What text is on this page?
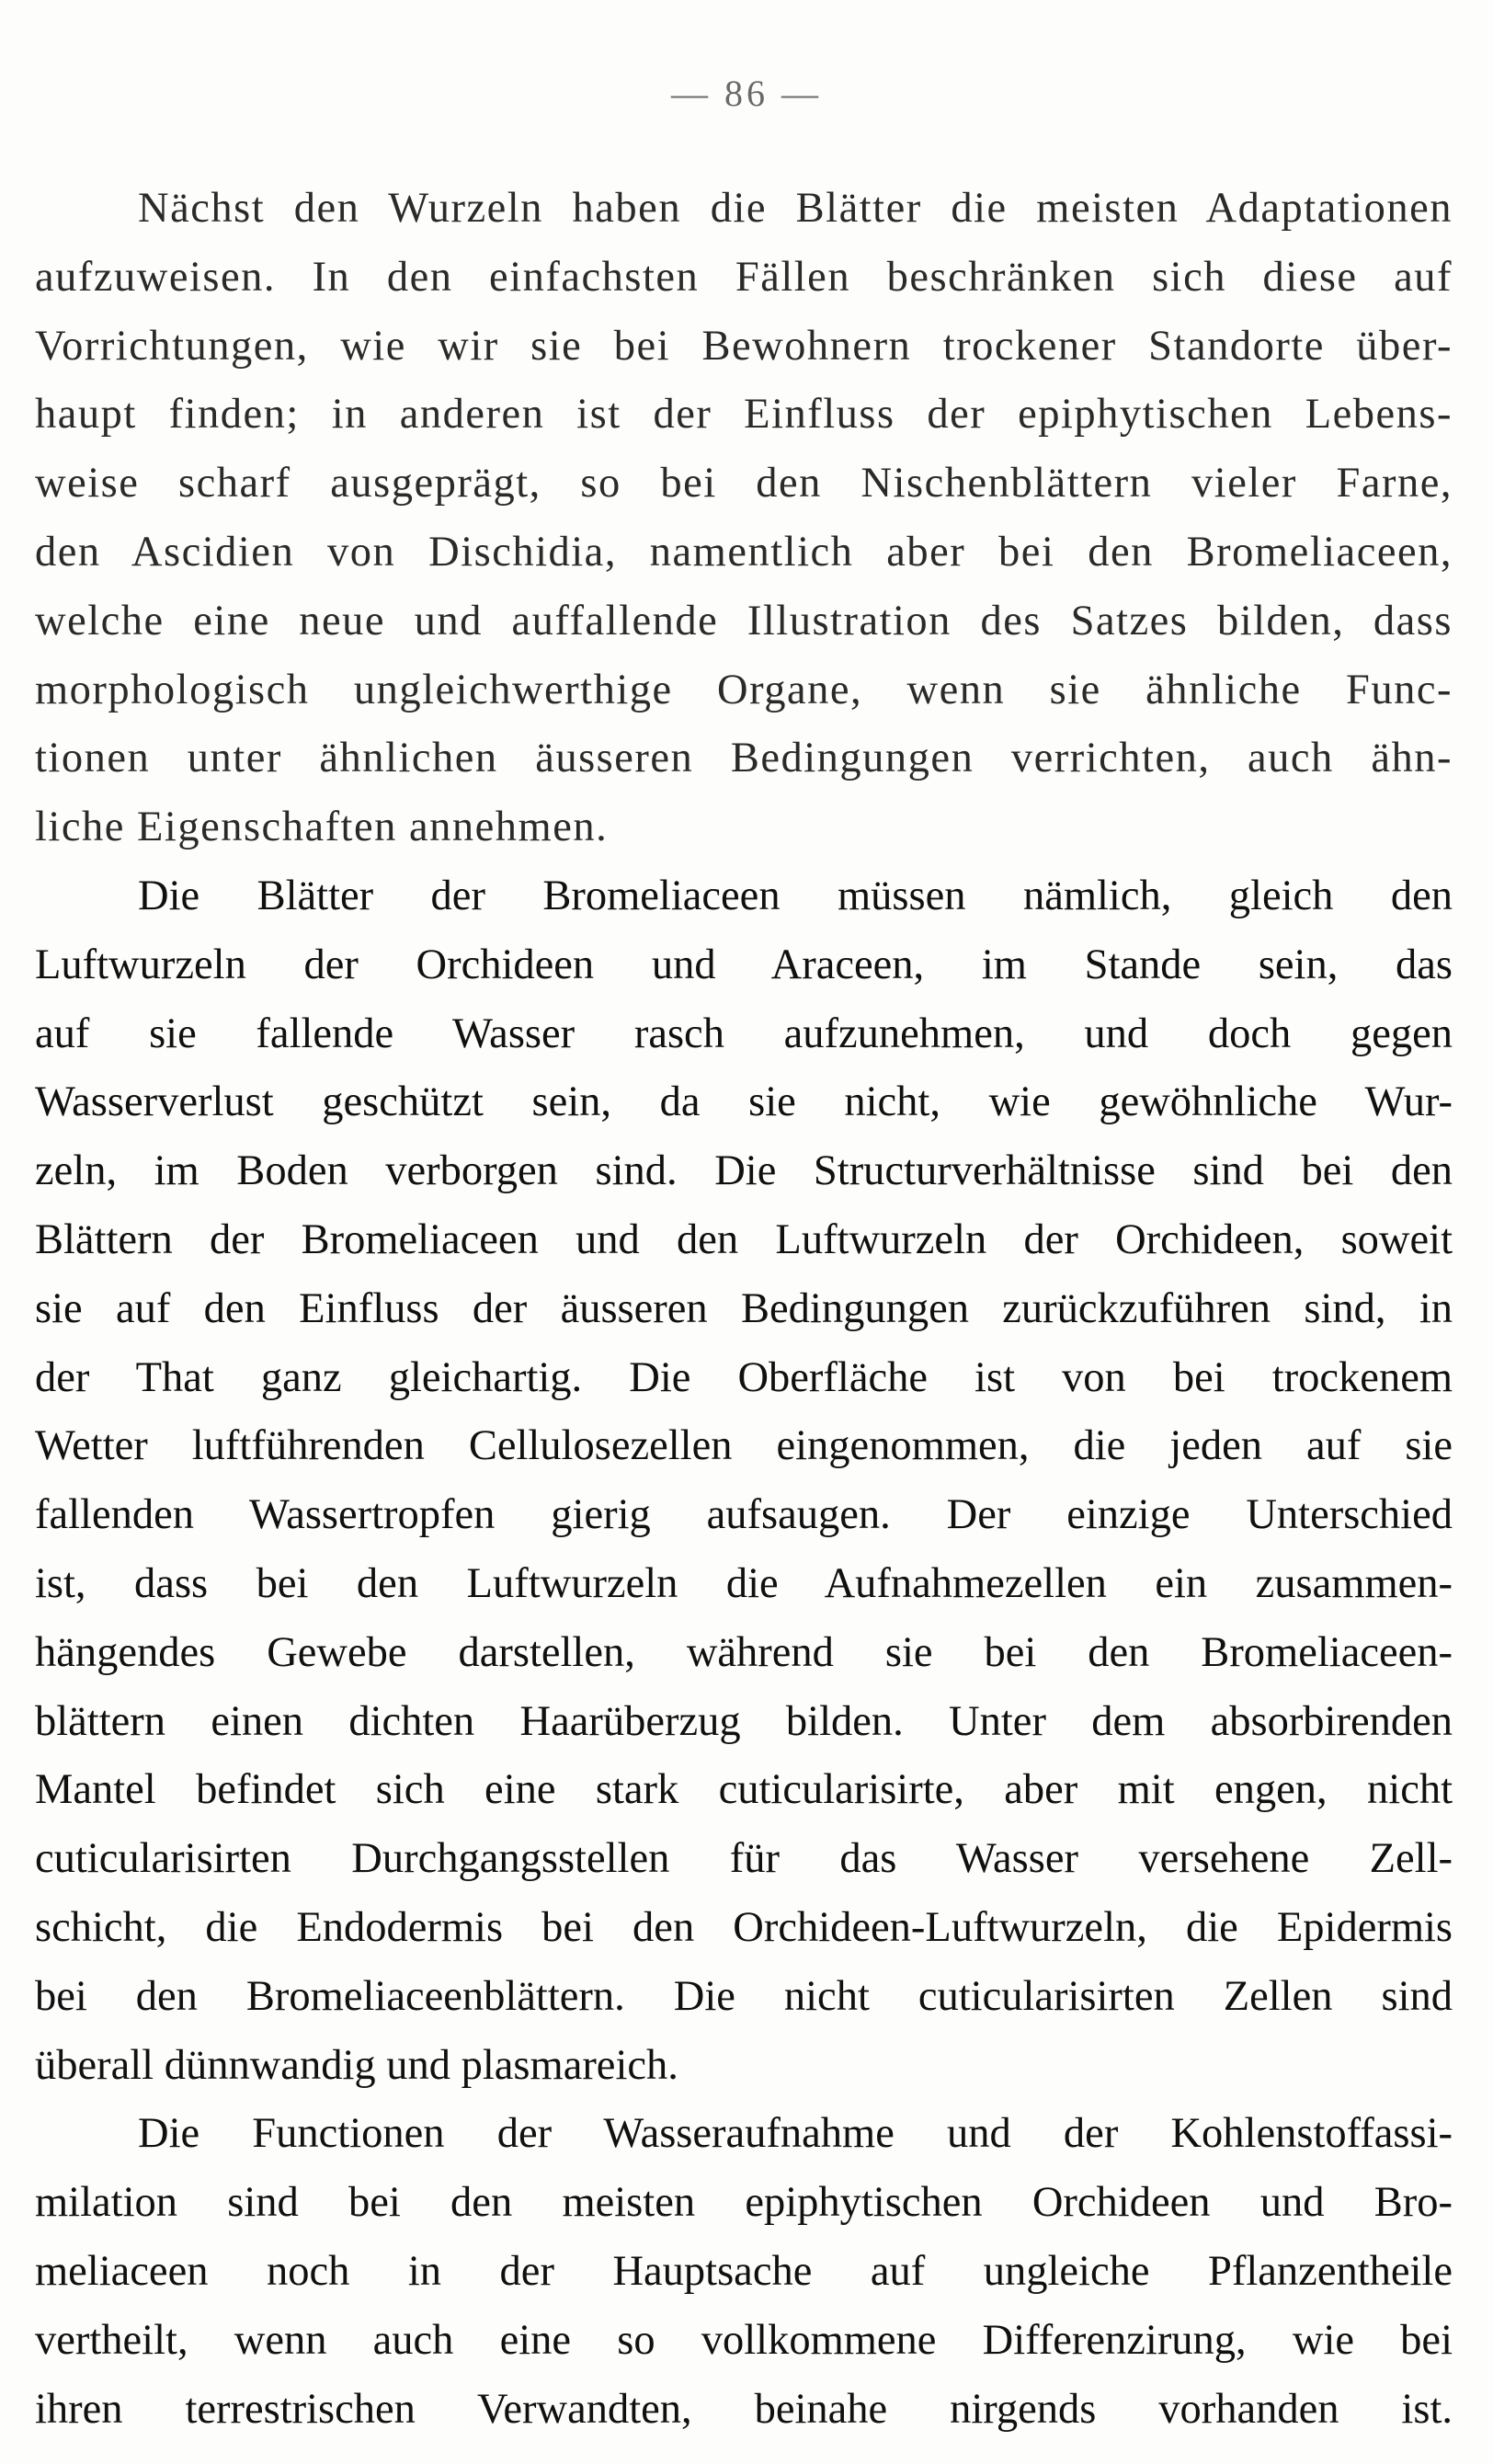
— 86 —
Nächst den Wurzeln haben die Blätter die meisten Adaptationen
aufzuweisen. In den einfachsten Fällen beschränken sich diese auf
Vorrichtungen, wie wir sie bei Bewohnern trockener Standorte über-
haupt finden; in anderen ist der Einfluss der epiphytischen Lebens-
weise scharf ausgeprägt, so bei den Nischenblättern vieler Farne,
den Ascidien von Dischidia, namentlich aber bei den Bromeliaceen,
welche eine neue und auffallende Illustration des Satzes bilden, dass
morphologisch ungleichwerthige Organe, wenn sie ähnliche Func-
tionen unter ähnlichen äusseren Bedingungen verrichten, auch ähn-
liche Eigenschaften annehmen.
Die Blätter der Bromeliaceen müssen nämlich, gleich den
Luftwurzeln der Orchideen und Araceen, im Stande sein, das
auf sie fallende Wasser rasch aufzunehmen, und doch gegen
Wasserverlust geschützt sein, da sie nicht, wie gewöhnliche Wur-
zeln, im Boden verborgen sind. Die Structurverhältnisse sind bei den
Blättern der Bromeliaceen und den Luftwurzeln der Orchideen, soweit
sie auf den Einfluss der äusseren Bedingungen zurückzuführen sind, in
der That ganz gleichartig. Die Oberfläche ist von bei trockenem
Wetter luftführenden Cellulosezellen eingenommen, die jeden auf sie
fallenden Wassertropfen gierig aufsaugen. Der einzige Unterschied
ist, dass bei den Luftwurzeln die Aufnahmezellen ein zusammen-
hängendes Gewebe darstellen, während sie bei den Bromeliaceen-
blättern einen dichten Haarüberzug bilden. Unter dem absorbirenden
Mantel befindet sich eine stark cuticularisirte, aber mit engen, nicht
cuticularisirten Durchgangsstellen für das Wasser versehene Zell-
schicht, die Endodermis bei den Orchideen-Luftwurzeln, die Epidermis
bei den Bromeliaceenblättern. Die nicht cuticularisirten Zellen sind
überall dünnwandig und plasmareich.
Die Functionen der Wasseraufnahme und der Kohlenstoffassi-
milation sind bei den meisten epiphytischen Orchideen und Bro-
meliaceen noch in der Hauptsache auf ungleiche Pflanzentheile
vertheilt, wenn auch eine so vollkommene Differenzirung, wie bei
ihren terrestrischen Verwandten, beinahe nirgends vorhanden ist.
